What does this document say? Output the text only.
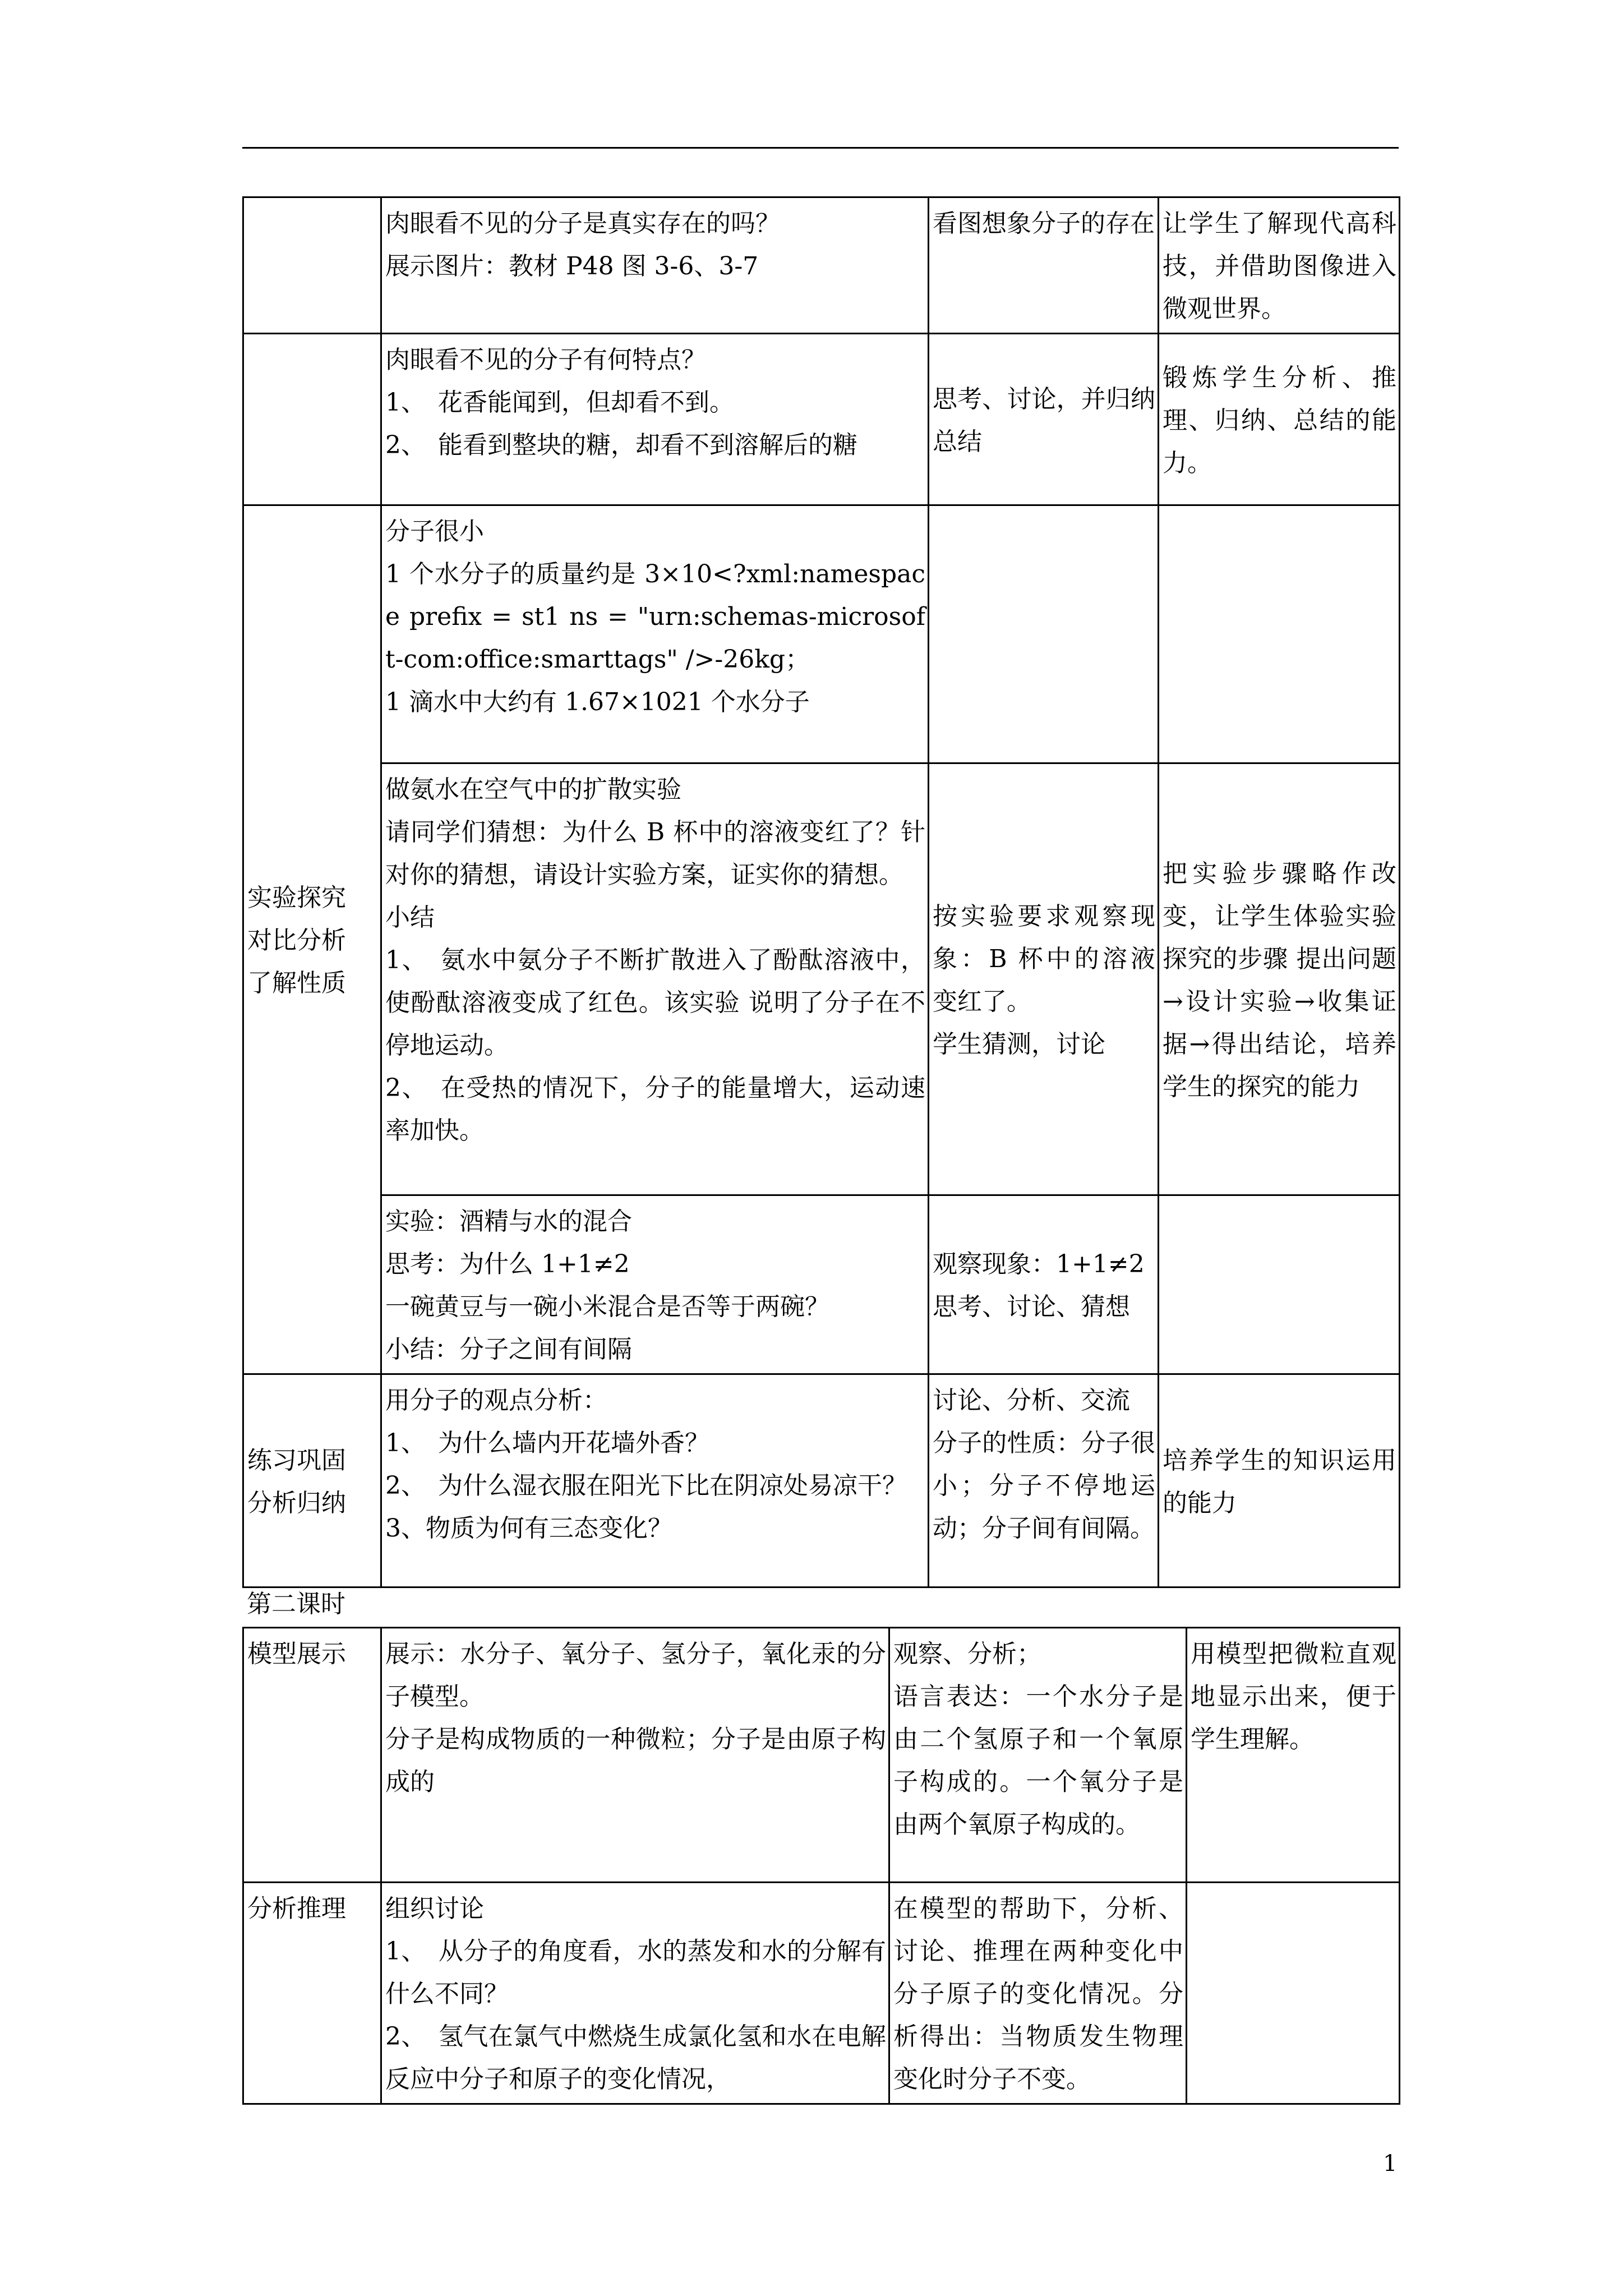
	肉眼看不见的分子是真实存在的吗？
展示图片：教材 P48 图 3-6、3-7	看图想象分子的存在	让学生了解现代高科技，并借助图像进入微观世界。

	肉眼看不见的分子有何特点？
1、　花香能闻到，但却看不到。
2、　能看到整块的糖，却看不到溶解后的糖	思考、讨论，并归纳总结	锻炼学生分析、推理、归纳、总结的能力。

实验探究
对比分析
了解性质	分子很小
1 个水分子的质量约是 3×10<?xml:namespace prefix = st1 ns = "urn:schemas-microsoft-com:office:smarttags" />-26kg；
1 滴水中大约有 1.67×1021 个水分子		

	做氨水在空气中的扩散实验
请同学们猜想：为什么 B 杯中的溶液变红了？针对你的猜想，请设计实验方案，证实你的猜想。
小结
1、　氨水中氨分子不断扩散进入了酚酞溶液中，使酚酞溶液变成了红色。该实验 说明了分子在不停地运动。
2、　在受热的情况下，分子的能量增大，运动速率加快。	按实验要求观察现象：B 杯中的溶液变红了。
学生猜测，讨论	把实验步骤略作改变，让学生体验实验 探究的步骤 提出问题→设计实验→收集证据→得出结论，培养学生的探究的能力

	实验：酒精与水的混合
思考：为什么 1+1≠2
一碗黄豆与一碗小米混合是否等于两碗？
小结：分子之间有间隔	观察现象：1+1≠2
思考、讨论、猜想	

练习巩固
分析归纳	用分子的观点分析：
1、　为什么墙内开花墙外香？
2、　为什么湿衣服在阳光下比在阴凉处易凉干？
3、物质为何有三态变化？	讨论、分析、交流
分子的性质：分子很小；分子不停地运动；分子间有间隔。	培养学生的知识运用的能力
第二课时
模型展示	展示：水分子、氧分子、氢分子，氧化汞的分子模型。
分子是构成物质的一种微粒；分子是由原子构成的	观察、分析；
语言表达：一个水分子是由二个氢原子和一个氧原子构成的。一个氧分子是由两个氧原子构成的。	用模型把微粒直观地显示出来，便于学生理解。

分析推理	组织讨论
1、　从分子的角度看，水的蒸发和水的分解有什么不同？
2、　氢气在氯气中燃烧生成氯化氢和水在电解反应中分子和原子的变化情况，	在模型的帮助下，分析、讨论、推理在两种变化中分子原子的变化情况。分析得出：当物质发生物理 变化时分子不变。	

1
